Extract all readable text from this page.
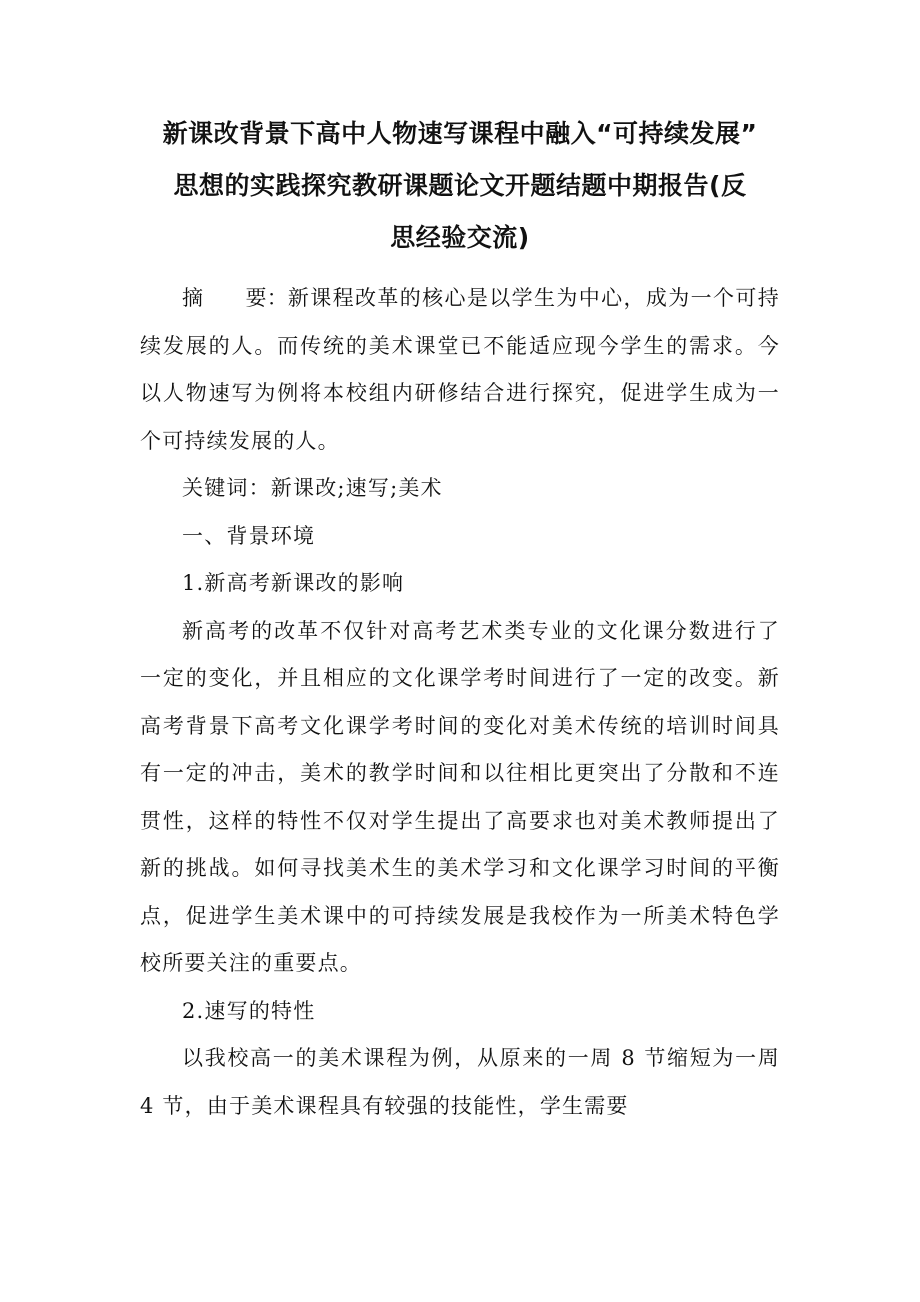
新课改背景下高中人物速写课程中融入“可持续发展”
思想的实践探究教研课题论文开题结题中期报告(反
思经验交流)

摘　　要：新课程改革的核心是以学生为中心，成为一个可持续发展的人。而传统的美术课堂已不能适应现今学生的需求。今以人物速写为例将本校组内研修结合进行探究，促进学生成为一个可持续发展的人。

关键词：新课改;速写;美术

一、背景环境

1.新高考新课改的影响

新高考的改革不仅针对高考艺术类专业的文化课分数进行了一定的变化，并且相应的文化课学考时间进行了一定的改变。新高考背景下高考文化课学考时间的变化对美术传统的培训时间具有一定的冲击，美术的教学时间和以往相比更突出了分散和不连贯性，这样的特性不仅对学生提出了高要求也对美术教师提出了新的挑战。如何寻找美术生的美术学习和文化课学习时间的平衡点，促进学生美术课中的可持续发展是我校作为一所美术特色学校所要关注的重要点。

2.速写的特性

以我校高一的美术课程为例，从原来的一周 8 节缩短为一周 4 节，由于美术课程具有较强的技能性，学生需要
